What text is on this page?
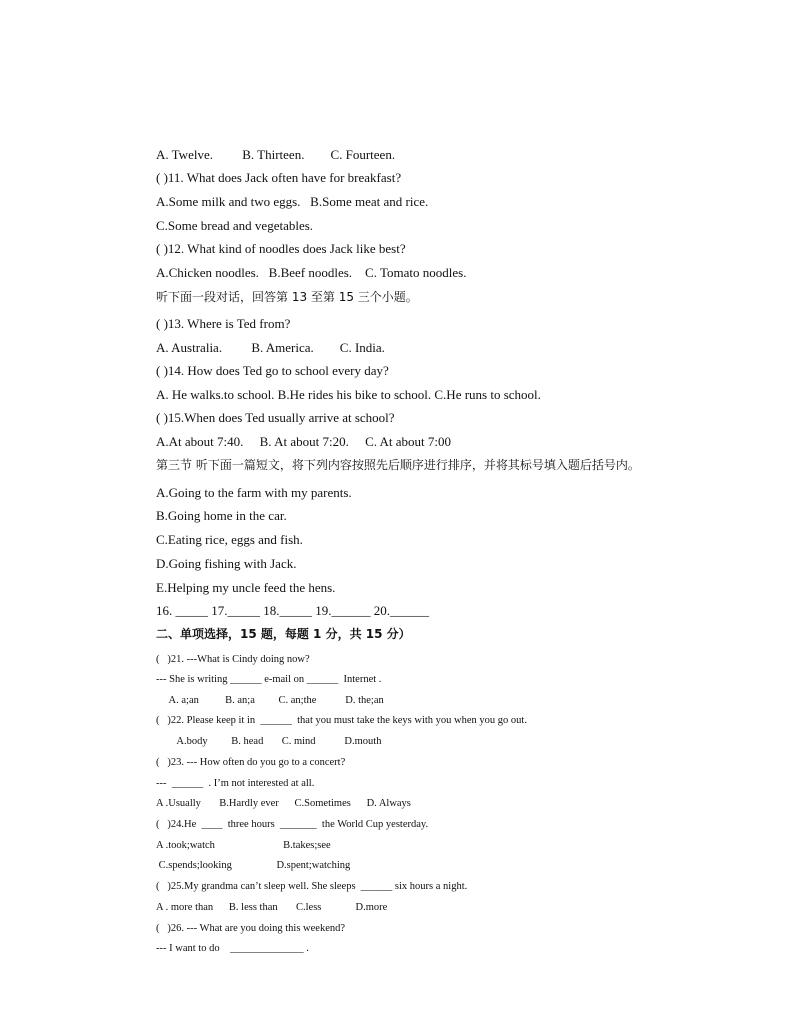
A. Twelve.         B. Thirteen.        C. Fourteen.
( )11. What does Jack often have for breakfast?
A.Some milk and two eggs.   B.Some meat and rice.
C.Some bread and vegetables.
( )12. What kind of noodles does Jack like best?
A.Chicken noodles.   B.Beef noodles.    C. Tomato noodles.
听下面一段对话，回答第 13 至第 15 三个小题。
( )13. Where is Ted from?
A. Australia.         B. America.        C. India.
( )14. How does Ted go to school every day?
A. He walks.to school. B.He rides his bike to school. C.He runs to school.
( )15.When does Ted usually arrive at school?
A.At about 7:40.     B. At about 7:20.     C. At about 7:00
第三节 听下面一篇短文，将下列内容按照先后顺序进行排序，并将其标号填入题后括号内。
A.Going to the farm with my parents.
B.Going home in the car.
C.Eating rice, eggs and fish.
D.Going fishing with Jack.
E.Helping my uncle feed the hens.
16. _____ 17._____ 18._____ 19.______ 20.______
二、单项选择，15 题，每题 1 分，共 15 分）
(   )21. ---What is Cindy doing now?
--- She is writing ______ e-mail on ______  Internet .
A. a;an          B. an;a         C. an;the           D. the;an
(   )22. Please keep it in  ______  that you must take the keys with you when you go out.
A.body         B. head       C. mind           D.mouth
(   )23. --- How often do you go to a concert?
---  ______  . I’m not interested at all.
A .Usually       B.Hardly ever      C.Sometimes      D. Always
(   )24.He  ____  three hours  _______  the World Cup yesterday.
A .took;watch                          B.takes;see
C.spends;looking                 D.spent;watching
(   )25.My grandma can’t sleep well. She sleeps  ______ six hours a night.
A . more than      B. less than       C.less             D.more
(   )26. --- What are you doing this weekend?
--- I want to do    ______________ .
